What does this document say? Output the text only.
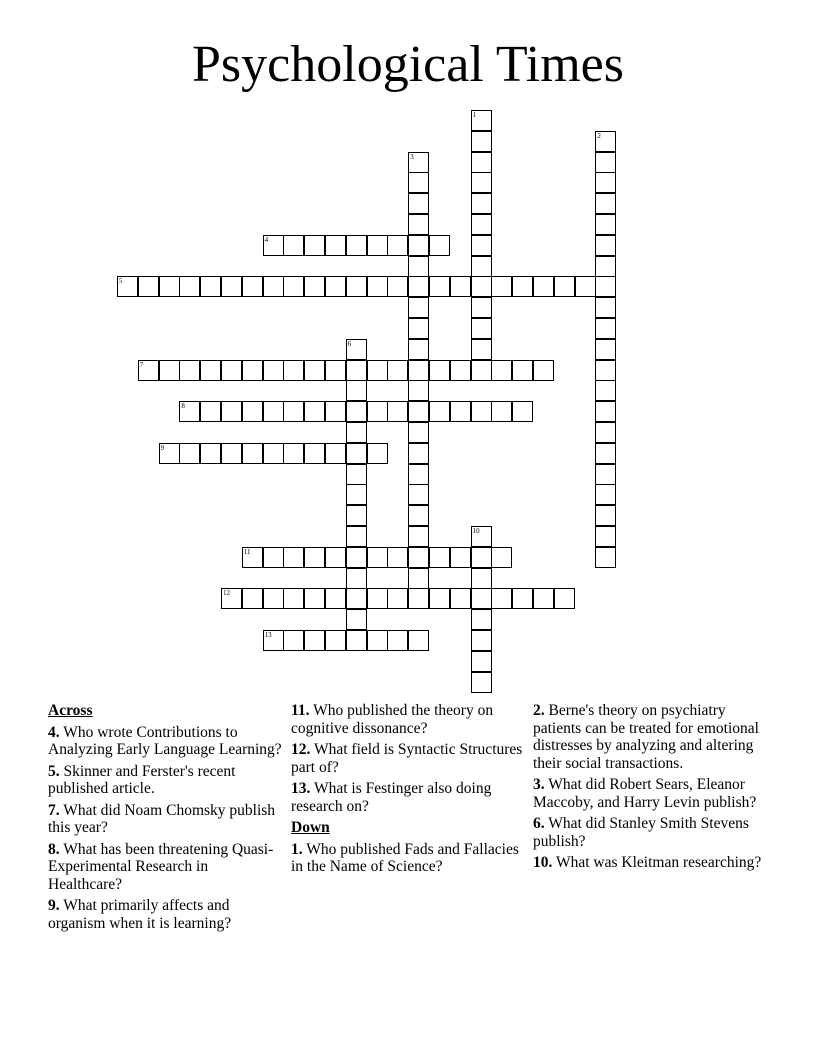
Psychological Times
1
2
3
4
5
6
7
8
9
10
11
12
13
Across
4. Who wrote Contributions to Analyzing Early Language Learning?
5. Skinner and Ferster's recent published article.
7. What did Noam Chomsky publish this year?
8. What has been threatening Quasi-Experimental Research in Healthcare?
9. What primarily affects and organism when it is learning?
11. Who published the theory on cognitive dissonance?
12. What field is Syntactic Structures part of?
13. What is Festinger also doing research on?
Down
1. Who published Fads and Fallacies in the Name of Science?
2. Berne's theory on psychiatry patients can be treated for emotional distresses by analyzing and altering their social transactions.
3. What did Robert Sears, Eleanor Maccoby, and Harry Levin publish?
6. What did Stanley Smith Stevens publish?
10. What was Kleitman researching?
